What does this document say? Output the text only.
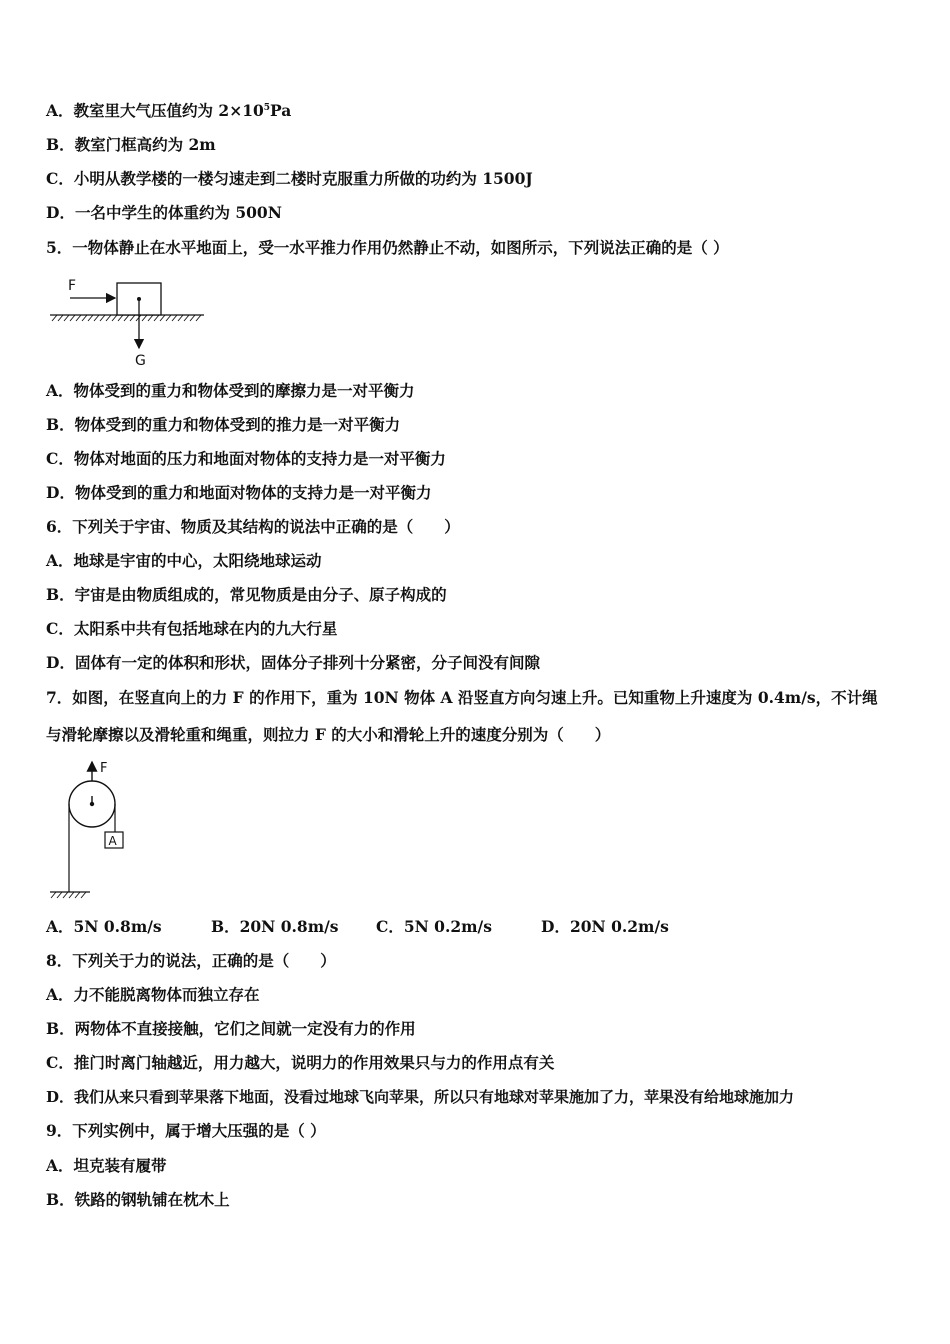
A．教室里大气压值约为 $2\times 10^5Pa$
B．教室门框高约为 2m
C．小明从教学楼的一楼匀速走到二楼时克服重力所做的功约为 1500J
D．一名中学生的体重约为 500N
5．一物体静止在水平地面上，受一水平推力作用仍然静止不动，如图所示，下列说法正确的是（ ）
F
G
A．物体受到的重力和物体受到的摩擦力是一对平衡力
B．物体受到的重力和物体受到的推力是一对平衡力
C．物体对地面的压力和地面对物体的支持力是一对平衡力
D．物体受到的重力和地面对物体的支持力是一对平衡力
6．下列关于宇宙、物质及其结构的说法中正确的是（　　）
A．地球是宇宙的中心，太阳绕地球运动
B．宇宙是由物质组成的，常见物质是由分子、原子构成的
C．太阳系中共有包括地球在内的九大行星
D．固体有一定的体积和形状，固体分子排列十分紧密，分子间没有间隙
7．如图，在竖直向上的力 F 的作用下，重为 10N 物体 A 沿竖直方向匀速上升。已知重物上升速度为 0.4m/s，不计绳
与滑轮摩擦以及滑轮重和绳重，则拉力 F 的大小和滑轮上升的速度分别为（　　）
F
A
A．5N 0.8m/s	B．20N 0.8m/s C．5N 0.2m/s	D．20N 0.2m/s
8．下列关于力的说法，正确的是（　　）
A．力不能脱离物体而独立存在
B．两物体不直接接触，它们之间就一定没有力的作用
C．推门时离门轴越近，用力越大，说明力的作用效果只与力的作用点有关
D．我们从来只看到苹果落下地面，没看过地球飞向苹果，所以只有地球对苹果施加了力，苹果没有给地球施加力
9．下列实例中，属于增大压强的是（ ）
A．坦克装有履带
B．铁路的钢轨铺在枕木上
